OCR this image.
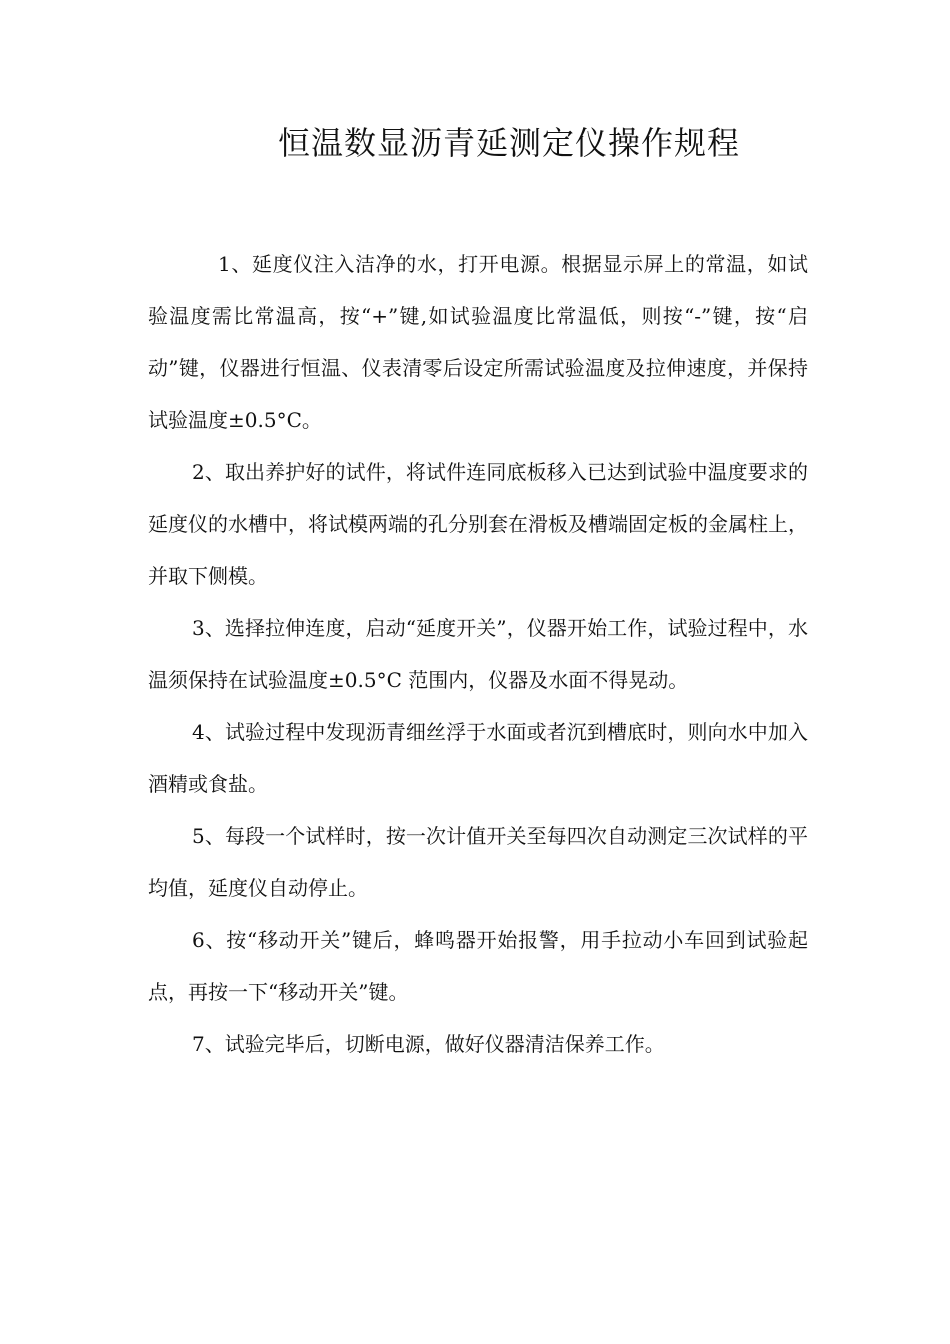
恒温数显沥青延测定仪操作规程

1、延度仪注入洁净的水，打开电源。根据显示屏上的常温，如试验温度需比常温高，按“+”键,如试验温度比常温低，则按“-”键，按“启动”键，仪器进行恒温、仪表清零后设定所需试验温度及拉伸速度，并保持试验温度±0.5°C。

2、取出养护好的试件，将试件连同底板移入已达到试验中温度要求的延度仪的水槽中，将试模两端的孔分别套在滑板及槽端固定板的金属柱上，并取下侧模。

3、选择拉伸连度，启动“延度开关”，仪器开始工作，试验过程中，水温须保持在试验温度±0.5°C 范围内，仪器及水面不得晃动。

4、试验过程中发现沥青细丝浮于水面或者沉到槽底时，则向水中加入酒精或食盐。

5、每段一个试样时，按一次计值开关至每四次自动测定三次试样的平均值，延度仪自动停止。

6、按“移动开关”键后，蜂鸣器开始报警，用手拉动小车回到试验起点，再按一下“移动开关”键。

7、试验完毕后，切断电源，做好仪器清洁保养工作。
